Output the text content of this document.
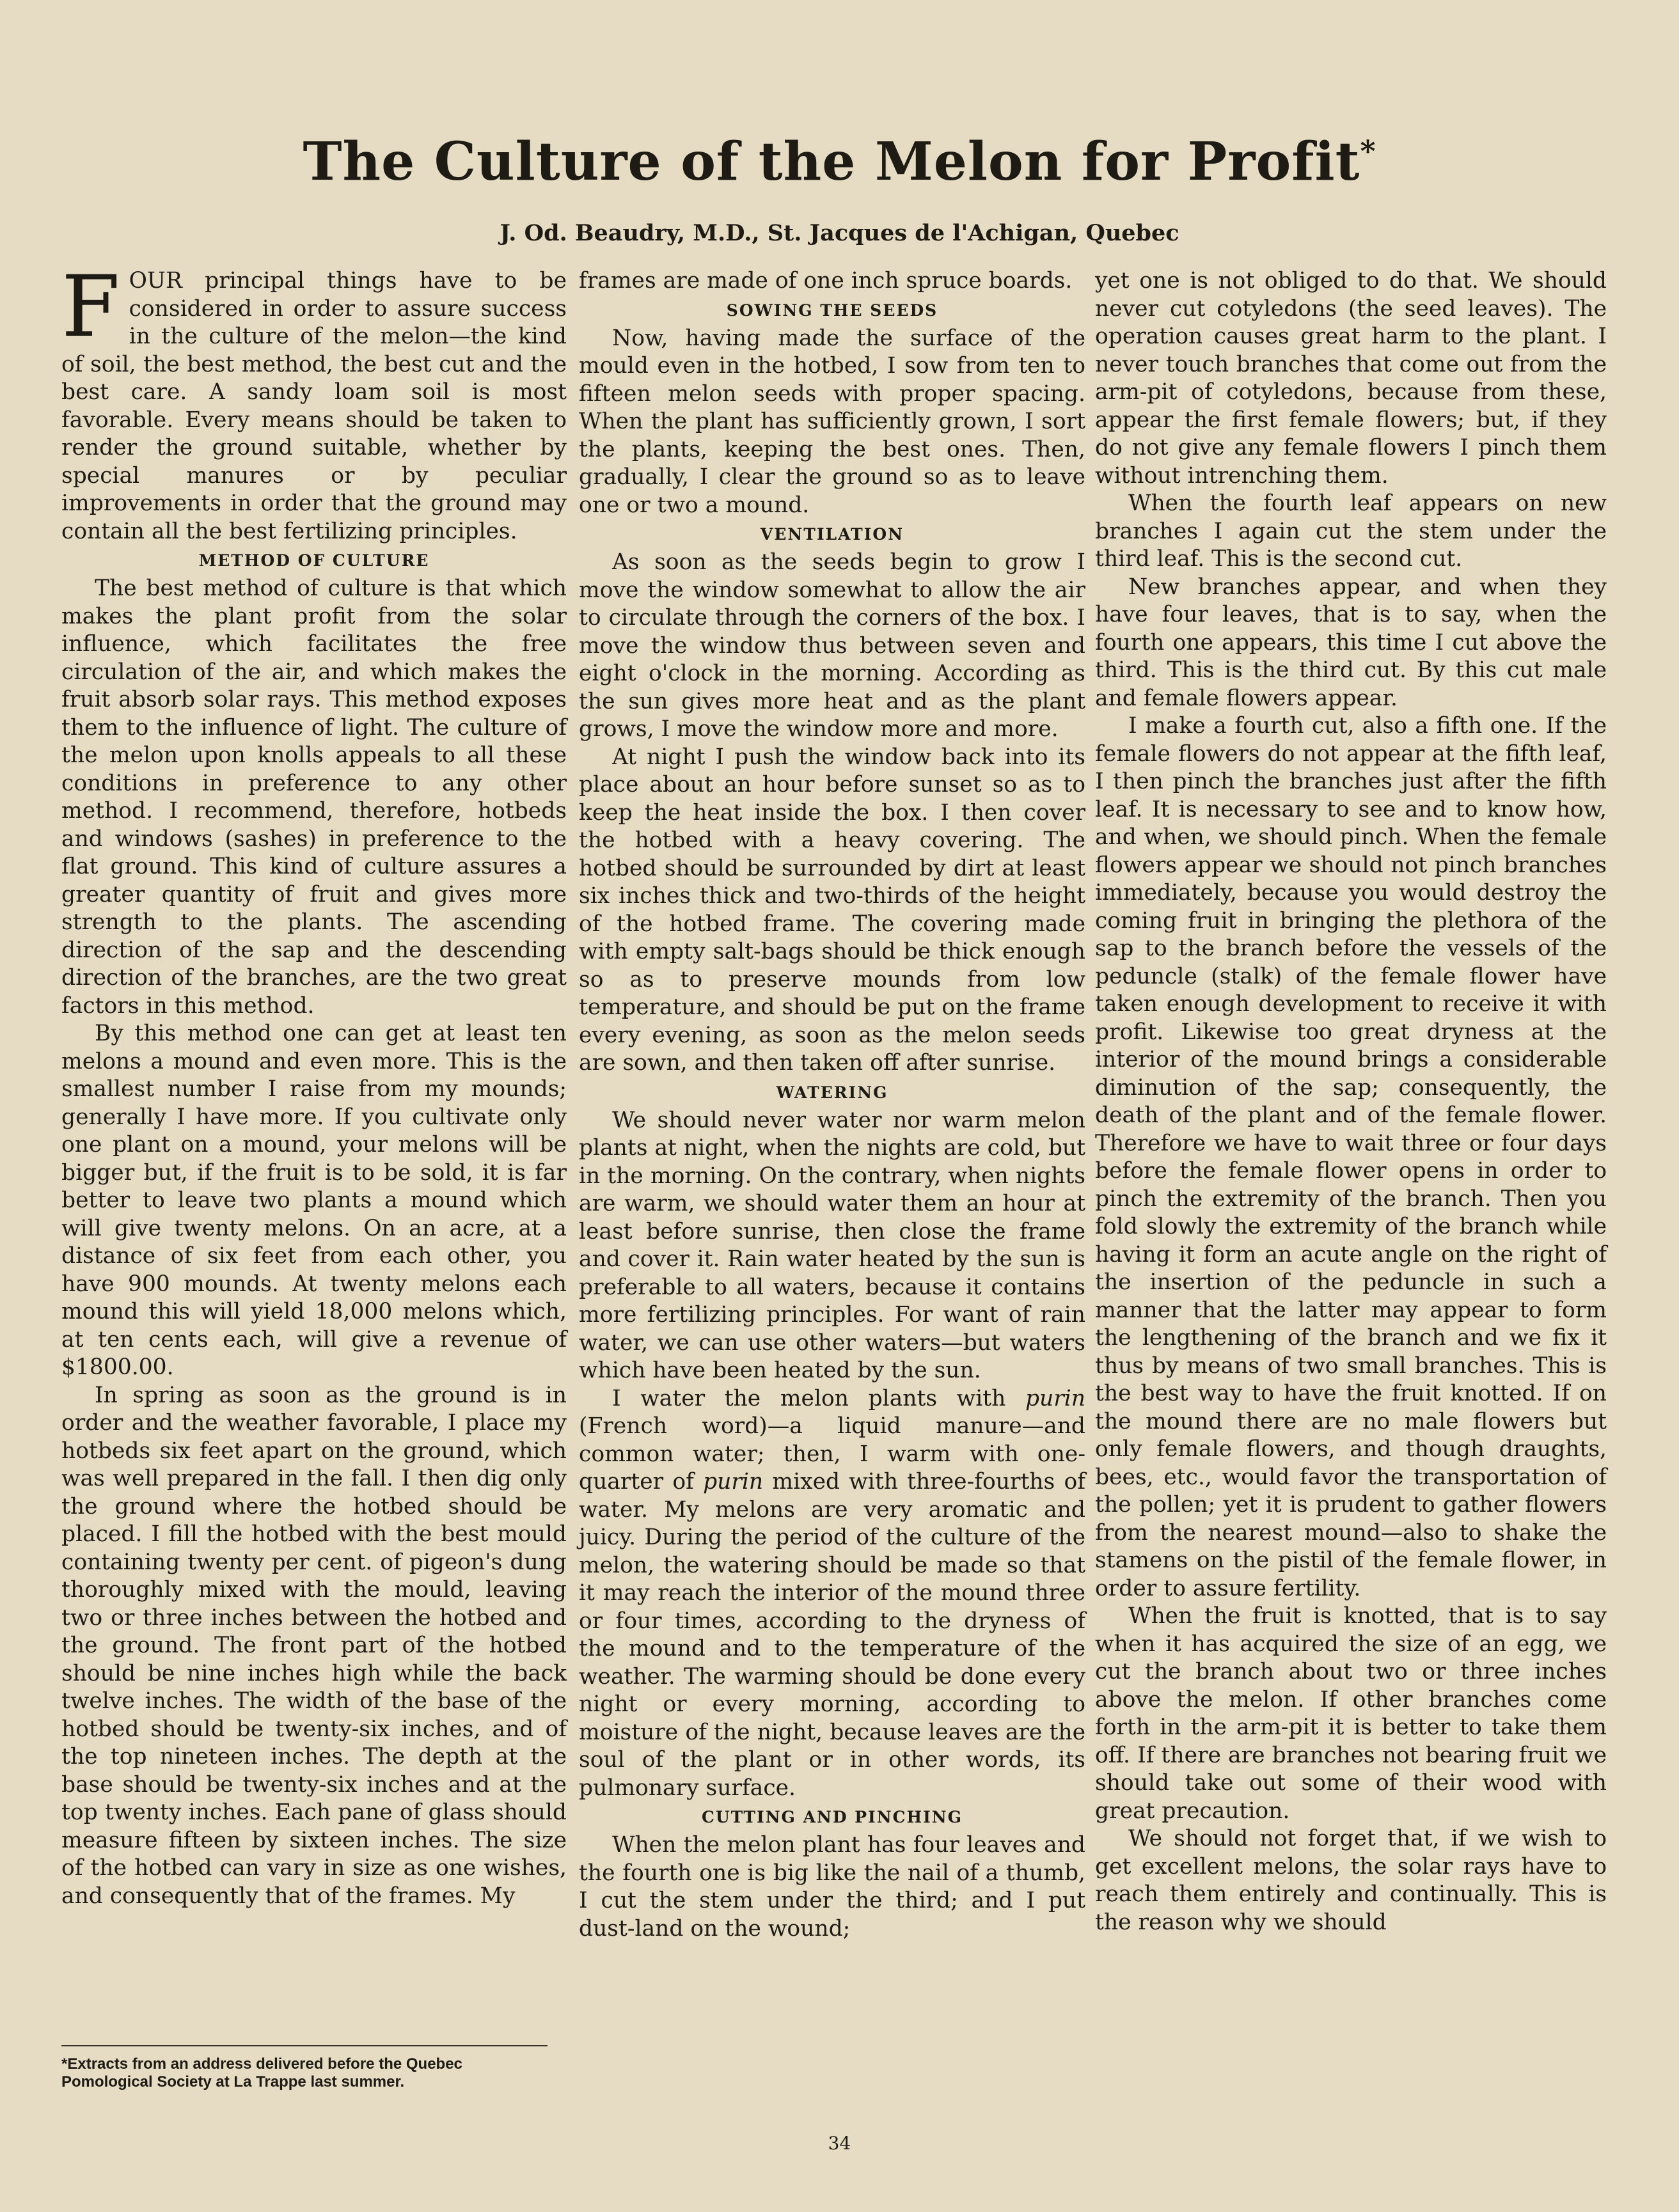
The Culture of the Melon for Profit*
J. Od. Beaudry, M.D., St. Jacques de l'Achigan, Quebec

FOUR principal things have to be considered in order to assure success in the culture of the melon—the kind of soil, the best method, the best cut and the best care. A sandy loam soil is most favorable. Every means should be taken to render the ground suitable, whether by special manures or by peculiar improvements in order that the ground may contain all the best fertilizing principles.

METHOD OF CULTURE

The best method of culture is that which makes the plant profit from the solar influence, which facilitates the free circulation of the air, and which makes the fruit absorb solar rays. This method exposes them to the influence of light. The culture of the melon upon knolls appeals to all these conditions in preference to any other method. I recommend, therefore, hotbeds and windows (sashes) in preference to the flat ground. This kind of culture assures a greater quantity of fruit and gives more strength to the plants. The ascending direction of the sap and the descending direction of the branches, are the two great factors in this method.

By this method one can get at least ten melons a mound and even more. This is the smallest number I raise from my mounds; generally I have more. If you cultivate only one plant on a mound, your melons will be bigger but, if the fruit is to be sold, it is far better to leave two plants a mound which will give twenty melons. On an acre, at a distance of six feet from each other, you have 900 mounds. At twenty melons each mound this will yield 18,000 melons which, at ten cents each, will give a revenue of $1800.00.

In spring as soon as the ground is in order and the weather favorable, I place my hotbeds six feet apart on the ground, which was well prepared in the fall. I then dig only the ground where the hotbed should be placed. I fill the hotbed with the best mould containing twenty per cent. of pigeon's dung thoroughly mixed with the mould, leaving two or three inches between the hotbed and the ground. The front part of the hotbed should be nine inches high while the back twelve inches. The width of the base of the hotbed should be twenty-six inches, and of the top nineteen inches. The depth at the base should be twenty-six inches and at the top twenty inches. Each pane of glass should measure fifteen by sixteen inches. The size of the hotbed can vary in size as one wishes, and consequently that of the frames. My

frames are made of one inch spruce boards.

SOWING THE SEEDS

Now, having made the surface of the mould even in the hotbed, I sow from ten to fifteen melon seeds with proper spacing. When the plant has sufficiently grown, I sort the plants, keeping the best ones. Then, gradually, I clear the ground so as to leave one or two a mound.

VENTILATION

As soon as the seeds begin to grow I move the window somewhat to allow the air to circulate through the corners of the box. I move the window thus between seven and eight o'clock in the morning. According as the sun gives more heat and as the plant grows, I move the window more and more.

At night I push the window back into its place about an hour before sunset so as to keep the heat inside the box. I then cover the hotbed with a heavy covering. The hotbed should be surrounded by dirt at least six inches thick and two-thirds of the height of the hotbed frame. The covering made with empty salt-bags should be thick enough so as to preserve mounds from low temperature, and should be put on the frame every evening, as soon as the melon seeds are sown, and then taken off after sunrise.

WATERING

We should never water nor warm melon plants at night, when the nights are cold, but in the morning. On the contrary, when nights are warm, we should water them an hour at least before sunrise, then close the frame and cover it. Rain water heated by the sun is preferable to all waters, because it contains more fertilizing principles. For want of rain water, we can use other waters—but waters which have been heated by the sun.

I water the melon plants with purin (French word)—a liquid manure—and common water; then, I warm with one-quarter of purin mixed with three-fourths of water. My melons are very aromatic and juicy. During the period of the culture of the melon, the watering should be made so that it may reach the interior of the mound three or four times, according to the dryness of the mound and to the temperature of the weather. The warming should be done every night or every morning, according to moisture of the night, because leaves are the soul of the plant or in other words, its pulmonary surface.

CUTTING AND PINCHING

When the melon plant has four leaves and the fourth one is big like the nail of a thumb, I cut the stem under the third; and I put dust-land on the wound;

yet one is not obliged to do that. We should never cut cotyledons (the seed leaves). The operation causes great harm to the plant. I never touch branches that come out from the arm-pit of cotyledons, because from these, appear the first female flowers; but, if they do not give any female flowers I pinch them without intrenching them.

When the fourth leaf appears on new branches I again cut the stem under the third leaf. This is the second cut.

New branches appear, and when they have four leaves, that is to say, when the fourth one appears, this time I cut above the third. This is the third cut. By this cut male and female flowers appear.

I make a fourth cut, also a fifth one. If the female flowers do not appear at the fifth leaf, I then pinch the branches just after the fifth leaf. It is necessary to see and to know how, and when, we should pinch. When the female flowers appear we should not pinch branches immediately, because you would destroy the coming fruit in bringing the plethora of the sap to the branch before the vessels of the peduncle (stalk) of the female flower have taken enough development to receive it with profit. Likewise too great dryness at the interior of the mound brings a considerable diminution of the sap; consequently, the death of the plant and of the female flower. Therefore we have to wait three or four days before the female flower opens in order to pinch the extremity of the branch. Then you fold slowly the extremity of the branch while having it form an acute angle on the right of the insertion of the peduncle in such a manner that the latter may appear to form the lengthening of the branch and we fix it thus by means of two small branches. This is the best way to have the fruit knotted. If on the mound there are no male flowers but only female flowers, and though draughts, bees, etc., would favor the transportation of the pollen; yet it is prudent to gather flowers from the nearest mound—also to shake the stamens on the pistil of the female flower, in order to assure fertility.

When the fruit is knotted, that is to say when it has acquired the size of an egg, we cut the branch about two or three inches above the melon. If other branches come forth in the arm-pit it is better to take them off. If there are branches not bearing fruit we should take out some of their wood with great precaution.

We should not forget that, if we wish to get excellent melons, the solar rays have to reach them entirely and continually. This is the reason why we should

*Extracts from an address delivered before the Quebec Pomological Society at La Trappe last summer.
34
